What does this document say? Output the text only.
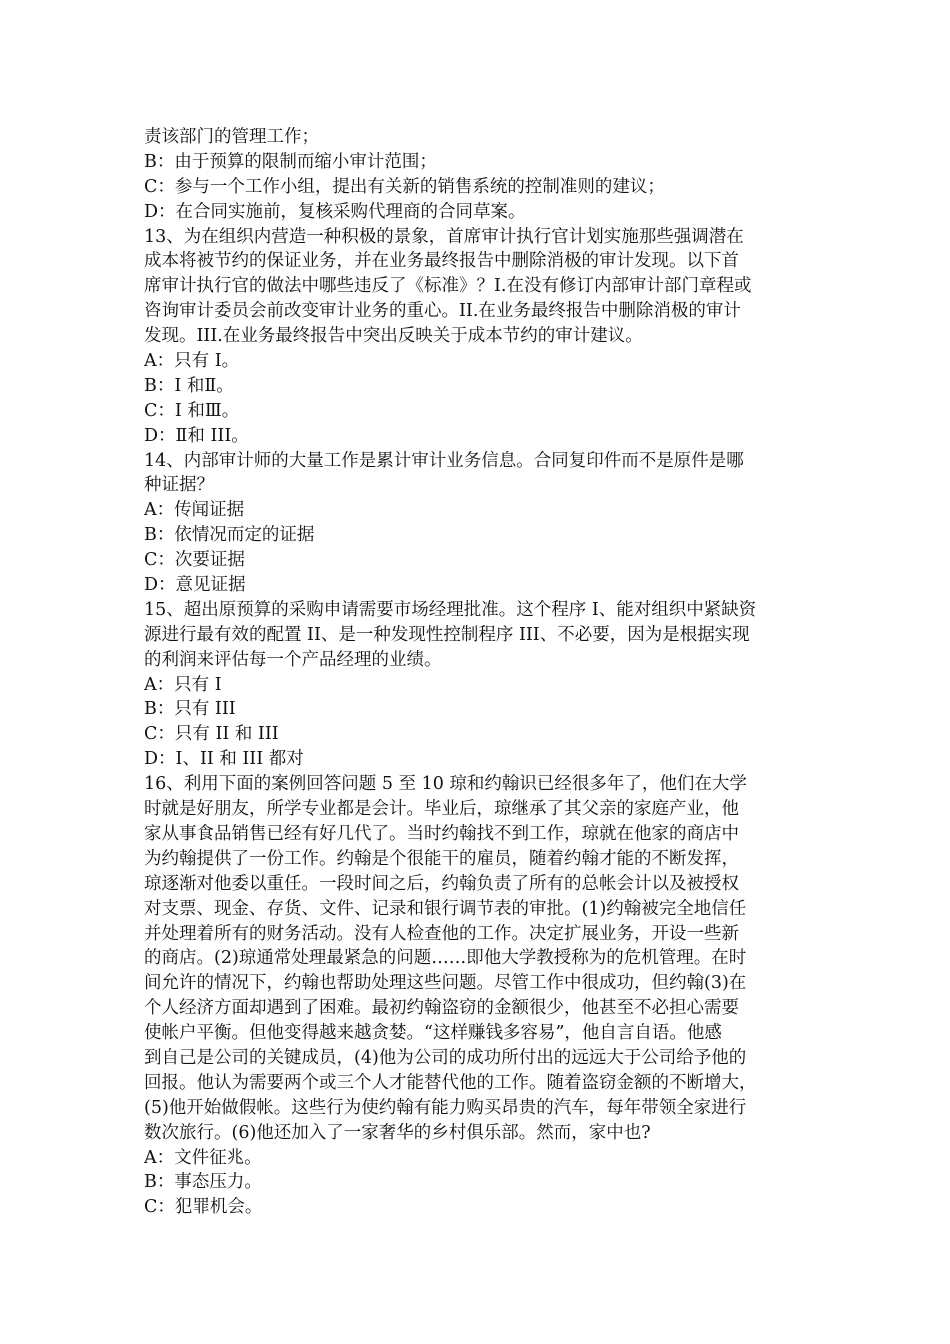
责该部门的管理工作；
B：由于预算的限制而缩小审计范围；
C：参与一个工作小组，提出有关新的销售系统的控制准则的建议；
D：在合同实施前，复核采购代理商的合同草案。
13、为在组织内营造一种积极的景象，首席审计执行官计划实施那些强调潜在
成本将被节约的保证业务，并在业务最终报告中删除消极的审计发现。以下首
席审计执行官的做法中哪些违反了《标准》？I.在没有修订内部审计部门章程或
咨询审计委员会前改变审计业务的重心。II.在业务最终报告中删除消极的审计
发现。III.在业务最终报告中突出反映关于成本节约的审计建议。
A：只有 I。
B：I 和Ⅱ。
C：I 和Ⅲ。
D：Ⅱ和 III。
14、内部审计师的大量工作是累计审计业务信息。合同复印件而不是原件是哪
种证据？
A：传闻证据
B：依情况而定的证据
C：次要证据
D：意见证据
15、超出原预算的采购申请需要市场经理批准。这个程序 I、能对组织中紧缺资
源进行最有效的配置 II、是一种发现性控制程序 III、不必要，因为是根据实现
的利润来评估每一个产品经理的业绩。
A：只有 I
B：只有 III
C：只有 II 和 III
D：I、II 和 III 都对
16、利用下面的案例回答问题 5 至 10 琼和约翰识已经很多年了，他们在大学
时就是好朋友，所学专业都是会计。毕业后，琼继承了其父亲的家庭产业，他
家从事食品销售已经有好几代了。当时约翰找不到工作，琼就在他家的商店中
为约翰提供了一份工作。约翰是个很能干的雇员，随着约翰才能的不断发挥，
琼逐渐对他委以重任。一段时间之后，约翰负责了所有的总帐会计以及被授权
对支票、现金、存货、文件、记录和银行调节表的审批。(1)约翰被完全地信任
并处理着所有的财务活动。没有人检查他的工作。决定扩展业务，开设一些新
的商店。(2)琼通常处理最紧急的问题……即他大学教授称为的危机管理。在时
间允许的情况下，约翰也帮助处理这些问题。尽管工作中很成功，但约翰(3)在
个人经济方面却遇到了困难。最初约翰盗窃的金额很少，他甚至不必担心需要
使帐户平衡。但他变得越来越贪婪。“这样赚钱多容易”，他自言自语。他感
到自己是公司的关键成员，(4)他为公司的成功所付出的远远大于公司给予他的
回报。他认为需要两个或三个人才能替代他的工作。随着盗窃金额的不断增大，
(5)他开始做假帐。这些行为使约翰有能力购买昂贵的汽车，每年带领全家进行
数次旅行。(6)他还加入了一家奢华的乡村俱乐部。然而，家中也?
A：文件征兆。
B：事态压力。
C：犯罪机会。
